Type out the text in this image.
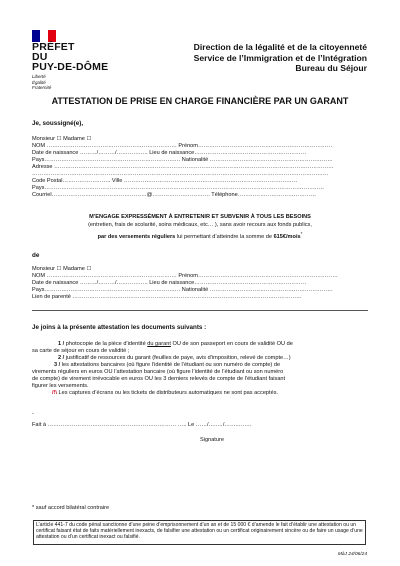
PRÉFET
DU
PUY-DE-DÔME
Liberté
Égalité
Fraternité
Direction de la légalité et de la citoyenneté
Service de l’Immigration et de l’Intégration
Bureau du Séjour
ATTESTATION DE PRISE EN CHARGE FINANCIÈRE PAR UN GARANT
Je, soussigné(e),
Monsieur ☐ Madame ☐
NOM ………………………………………………………….… Prénom………………………………………………………………
Date de naissance ………/………/…………….. Lieu de naissance……………………………………………………
Pays…………………………………………………………….… Nationalité …………………………………………………………
Adresse ……………………………………………………………………………………………………………………………………
……………………………………………………………………………………………………………………………………………
Code Postal…………………….. Ville …………………………………………………………………………………
Pays……………………………………………………………………………………………………………………………………
Courriel……………………………………………@…………………………. Téléphone……………………………………
M’ENGAGE EXPRESSÉMENT À ENTRETENIR ET SUBVENIR À TOUS LES BESOINS
(entretien, frais de scolarité, soins médicaux, etc… ), sans avoir recours aux fonds publics,
par des versements réguliers lui permettant d’atteindre la somme de 615€/mois*
de
Monsieur ☐ Madame ☐
NOM ………………………………………………………….… Prénom…………………………………………………………………
Date de naissance ………/………/…………….. Lieu de naissance……………………………………………………
Pays…………………………………………………………….… Nationalité …………………………………………………………
Lien de parenté ……………………………………………………………………………………………………………
Je joins à la présente attestation les documents suivants :
1 / photocopie de la pièce d’identité du garant OU de son passeport en cours de validité OU de
sa carte de séjour en cours de validité ;
2 / justificatif de ressources du garant (feuilles de paye, avis d’imposition, relevé de compte…)
3 / les attestations bancaires (où figure l’identité de l’étudiant ou son numéro de compte) de
virements réguliers en euros OU l’attestation bancaire (où figure l’identité de l’étudiant ou son numéro
de compte) de virement irrévocable en euros OU les 3 derniers relevés de compte de l’étudiant faisant
figurer les versements.
/!\ Les captures d’écrans ou les tickets de distributeurs automatiques ne sont pas acceptés.
-
Fait à …………………………………………………………… ….. Le ……/…..…/……..…….
Signature
* sauf accord bilatéral contraire
L’article 441-7 du code pénal sanctionne d’une peine d’emprisonnement d’un an et de 15 000 € d’amende le fait d’établir une attestation ou un certificat faisant état de faits matériellement inexacts, de falsifier une attestation ou un certificat originairement sincère ou de faire un usage d’une attestation ou d’un certificat inexact ou falsifié.
MàJ 24/06/24
